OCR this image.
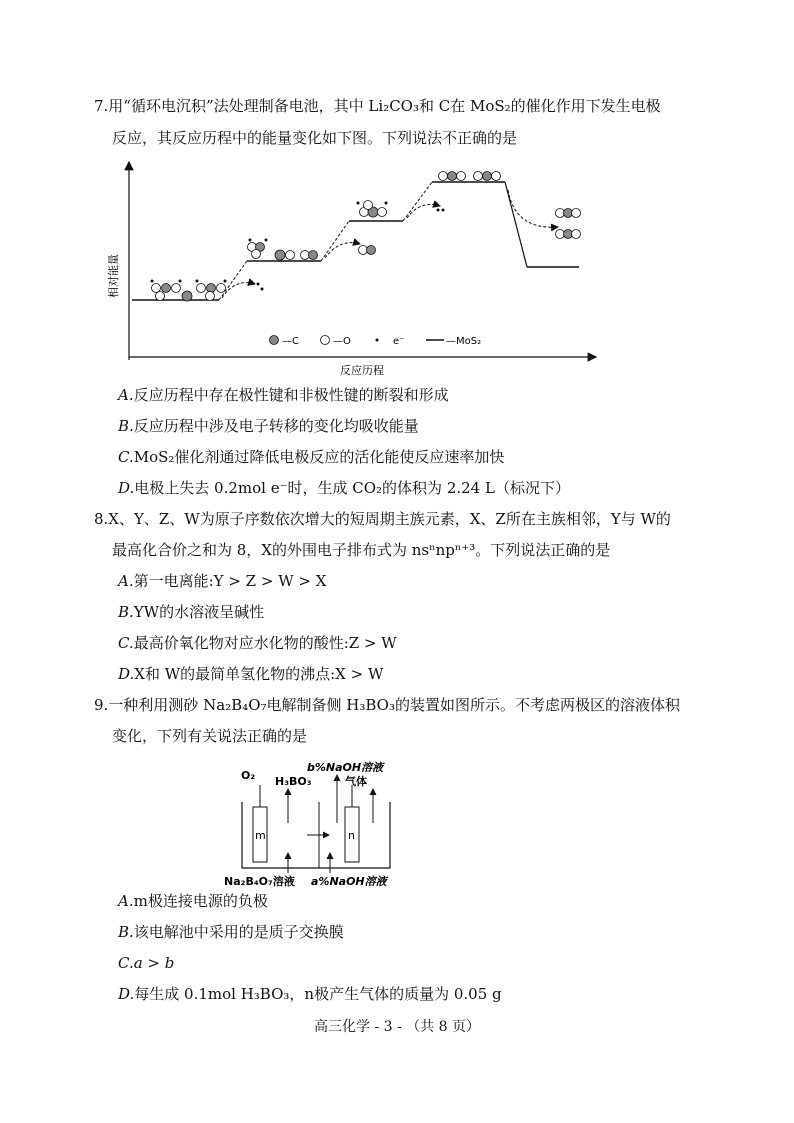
7.用“循环电沉积”法处理制备电池，其中 Li₂CO₃和 C在 MoS₂的催化作用下发生电极
反应，其反应历程中的能量变化如下图。下列说法不正确的是
相对能量
反应历程
—C	—O	e⁻	—MoS₂
A.反应历程中存在极性键和非极性键的断裂和形成
B.反应历程中涉及电子转移的变化均吸收能量
C.MoS₂催化剂通过降低电极反应的活化能使反应速率加快
D.电极上失去 0.2mol e⁻时，生成 CO₂的体积为 2.24 L（标况下）
8.X、Y、Z、W为原子序数依次增大的短周期主族元素，X、Z所在主族相邻，Y与 W的
最高化合价之和为 8，X的外围电子排布式为 nsⁿnpⁿ⁺³。下列说法正确的是
A.第一电离能:Y > Z > W > X
B.YW的水溶液呈碱性
C.最高价氧化物对应水化物的酸性:Z > W
D.X和 W的最简单氢化物的沸点:X > W
9.一种利用测砂 Na₂B₄O₇电解制备侧 H₃BO₃的装置如图所示。不考虑两极区的溶液体积
变化，下列有关说法正确的是
O₂ H₃BO₃
b%NaOH溶液
气体
Na₂B₄O₇溶液 a%NaOH溶液
m	n
A.m极连接电源的负极
B.该电解池中采用的是质子交换膜
C.a > b
D.每生成 0.1mol H₃BO₃，n极产生气体的质量为 0.05 g
高三化学 - 3 - （共 8 页）
